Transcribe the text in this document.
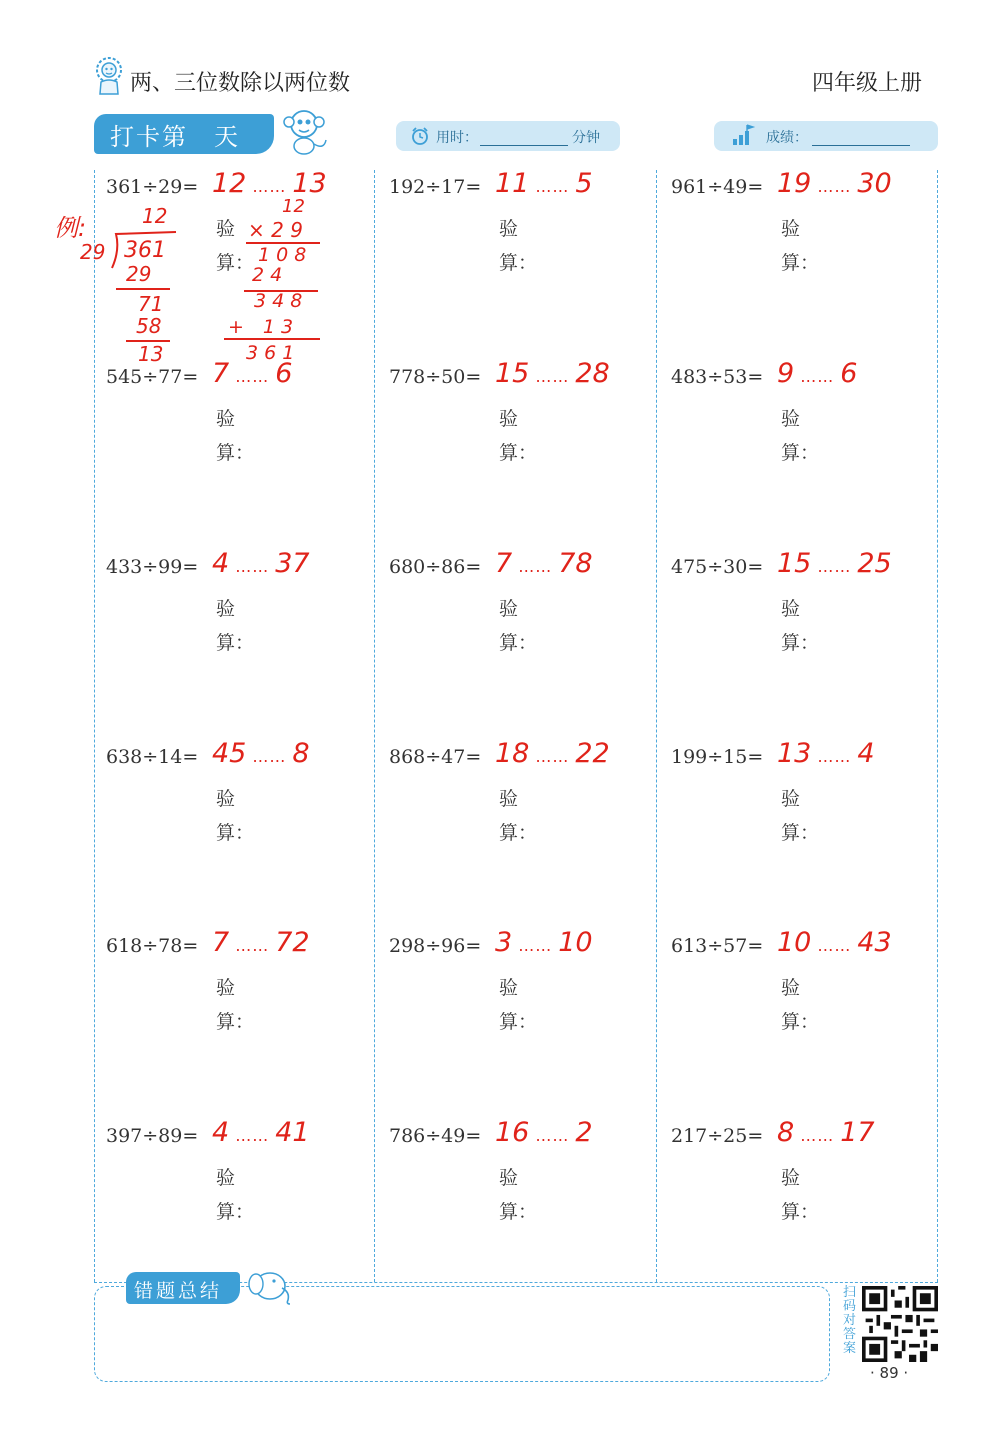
两、三位数除以两位数	四年级上册
打卡第　天	用时：	分钟	成绩：
361÷29= 12 …… 13
验
算：
545÷77= 7 …… 6
验
算：
433÷99= 4 …… 37
验
算：
638÷14= 45 …… 8
验
算：
618÷78= 7 …… 72
验
算：
397÷89= 4 …… 41
验
算：
192÷17= 11 …… 5
验
算：
778÷50= 15 …… 28
验
算：
680÷86= 7 …… 78
验
算：
868÷47= 18 …… 22
验
算：
298÷96= 3 …… 10
验
算：
786÷49= 16 …… 2
验
算：
961÷49= 19 …… 30
验
算：
483÷53= 9 …… 6
验
算：
475÷30= 15 …… 25
验
算：
199÷15= 13 …… 4
验
算：
613÷57= 10 …… 43
验
算：
217÷25= 8 …… 17
验
算：
例:	12
29 361
29
71
58
13
12
× 2 9
1 0 8
2 4
3 4 8
+　1 3
3 6 1
错题总结	扫码对答案
· 89 ·
